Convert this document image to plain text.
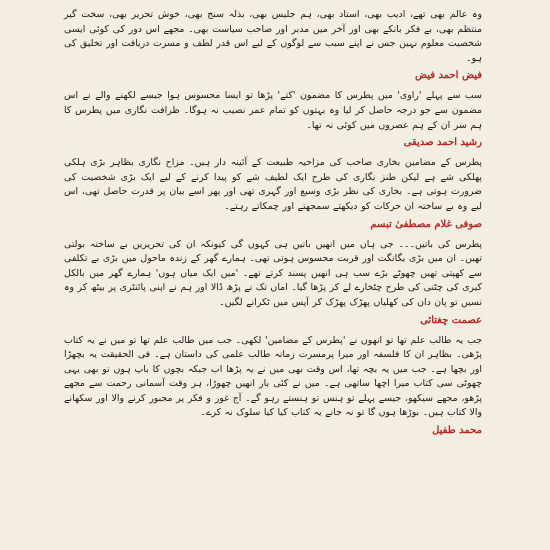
وہ عالم بھی تھے، ادیب بھی، استاد بھی، ہم جلیس بھی، بذلہ سنج بھی، خوش تحریر بھی، سخت گیر منتظم بھی، بے فکر بانکے بھی اور آخر میں مدبر اور صاحب سیاست بھی۔ مجھے اس دور کی کوئی ایسی شخصیت معلوم نہیں جس نے اپنے سبب سے لوگوں کے لیے اس قدر لطف و مسرت دریافت اور تخلیق کی ہو۔

فیض احمد فیض

سب سے پہلے 'راوی' میں پطرس کا مضمون 'کتے' پڑھا تو ایسا محسوس ہوا جیسے لکھنے والے نے اس مضمون سے جو درجہ حاصل کر لیا وہ بہتوں کو تمام عمر نصیب نہ ہوگا۔ ظرافت نگاری میں پطرس کا ہم سر ان کے ہم عصروں میں کوئی نہ تھا۔

رشید احمد صدیقی

پطرس کے مضامین بخاری صاحب کی مزاحیہ طبیعت کے آئینہ دار ہیں۔ مزاح نگاری بظاہر بڑی ہلکی پھلکی شے ہے لیکن طنز نگاری کی طرح ایک لطیف شے کو پیدا کرنے کے لیے ایک بڑی شخصیت کی ضرورت ہوتی ہے۔ بخاری کی نظر بڑی وسیع اور گہری تھی اور پھر اسے بیان پر قدرت حاصل تھی، اس لیے وہ بے ساختہ ان حرکات کو دیکھتے سمجھتے اور چمکاتے رہتے۔

صوفی غلام مصطفیٰ تبسم

پطرس کی باتیں۔۔۔ جی ہاں میں انھیں باتیں ہی کہوں گی کیونکہ ان کی تحریریں بے ساختہ بولتی تھیں۔ ان میں بڑی یگانگت اور قربت محسوس ہوتی تھی۔ ہمارے گھر کے زندہ ماحول میں بڑی بے تکلفی سے کھپتی تھیں چھوٹے بڑے سب ہی انھیں پسند کرتے تھے۔ 'میں ایک میاں ہوں' ہمارے گھر میں بالکل کیری کی چٹنی کی طرح چٹخارے لے کر پڑھا گیا۔ اماں تک نے پڑھ ڈالا اور ہم نے اپنی پائنٹری پر بیٹھ کر وہ نسیں تو پان دان کی کھلیاں پھڑک پھڑک کر آپس میں ٹکرانے لگیں۔

عصمت چغتائی

جب یہ طالب علم تھا تو انھوں نے 'پطرس کے مضامین' لکھی۔ جب میں طالب علم تھا تو میں نے یہ کتاب پڑھی۔ بظاہر ان کا فلسفہ اور میرا پرمسرت زمانہ طالب علمی کی داستان ہے۔ فی الحقیقت یہ بچھڑا اور بچھا ہے۔ جب میں یہ بچہ تھا، اس وقت بھی میں نے یہ پڑھا اب جبکہ بچوں کا باپ ہوں تو بھی یہی چھوٹی سی کتاب میرا اچھا ساتھی ہے۔ میں نے کئی بار انھیں چھوڑا، ہر وقت آسمانی رحمت سے مجھے پڑھو، مجھے سیکھو، جیسے پہلے تو ہنس تو ہنستے رہو گے۔ آج غور و فکر پر مجبور کرنے والا اور سکھانے والا کتاب ہیں۔ بوڑھا ہوں گا تو نہ جانے یہ کتاب کیا کیا سلوک نہ کرے۔

محمد طفیل
